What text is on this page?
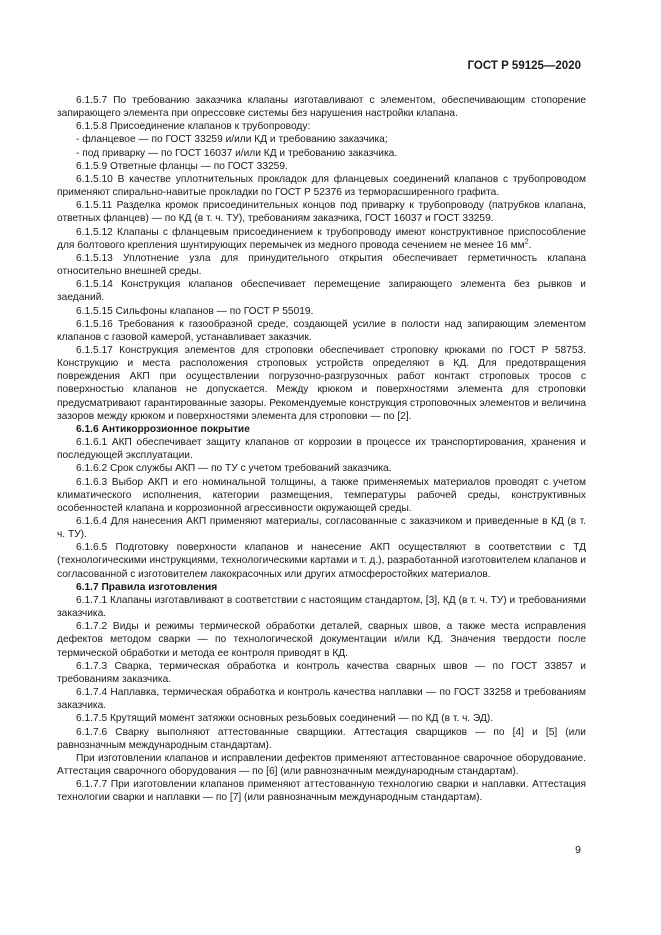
ГОСТ Р 59125—2020

6.1.5.7 По требованию заказчика клапаны изготавливают с элементом, обеспечивающим стопорение запирающего элемента при опрессовке системы без нарушения настройки клапана.

6.1.5.8 Присоединение клапанов к трубопроводу:

- фланцевое — по ГОСТ 33259 и/или КД и требованию заказчика;

- под приварку — по ГОСТ 16037 и/или КД и требованию заказчика.

6.1.5.9 Ответные фланцы — по ГОСТ 33259.

6.1.5.10 В качестве уплотнительных прокладок для фланцевых соединений клапанов с трубопроводом применяют спирально-навитые прокладки по ГОСТ Р 52376 из терморасширенного графита.

6.1.5.11 Разделка кромок присоединительных концов под приварку к трубопроводу (патрубков клапана, ответных фланцев) — по КД (в т. ч. ТУ), требованиям заказчика, ГОСТ 16037 и ГОСТ 33259.

6.1.5.12 Клапаны с фланцевым присоединением к трубопроводу имеют конструктивное приспособление для болтового крепления шунтирующих перемычек из медного провода сечением не менее 16 $мм^2$.

6.1.5.13 Уплотнение узла для принудительного открытия обеспечивает герметичность клапана относительно внешней среды.

6.1.5.14 Конструкция клапанов обеспечивает перемещение запирающего элемента без рывков и заеданий.

6.1.5.15 Сильфоны клапанов — по ГОСТ Р 55019.

6.1.5.16 Требования к газообразной среде, создающей усилие в полости над запирающим элементом клапанов с газовой камерой, устанавливает заказчик.

6.1.5.17 Конструкция элементов для строповки обеспечивает строповку крюками по ГОСТ Р 58753. Конструкцию и места расположения строповых устройств определяют в КД. Для предотвращения повреждения АКП при осуществлении погрузочно-разгрузочных работ контакт строповых тросов с поверхностью клапанов не допускается. Между крюком и поверхностями элемента для строповки предусматривают гарантированные зазоры. Рекомендуемые конструкция строповочных элементов и величина зазоров между крюком и поверхностями элемента для строповки — по [2].

6.1.6 Антикоррозионное покрытие

6.1.6.1 АКП обеспечивает защиту клапанов от коррозии в процессе их транспортирования, хранения и последующей эксплуатации.

6.1.6.2 Срок службы АКП — по ТУ с учетом требований заказчика.

6.1.6.3 Выбор АКП и его номинальной толщины, а также применяемых материалов проводят с учетом климатического исполнения, категории размещения, температуры рабочей среды, конструктивных особенностей клапана и коррозионной агрессивности окружающей среды.

6.1.6.4 Для нанесения АКП применяют материалы, согласованные с заказчиком и приведенные в КД (в т. ч. ТУ).

6.1.6.5 Подготовку поверхности клапанов и нанесение АКП осуществляют в соответствии с ТД (технологическими инструкциями, технологическими картами и т. д.), разработанной изготовителем клапанов и согласованной с изготовителем лакокрасочных или других атмосферостойких материалов.

6.1.7 Правила изготовления

6.1.7.1 Клапаны изготавливают в соответствии с настоящим стандартом, [3], КД (в т. ч. ТУ) и требованиями заказчика.

6.1.7.2 Виды и режимы термической обработки деталей, сварных швов, а также места исправления дефектов методом сварки — по технологической документации и/или КД. Значения твердости после термической обработки и метода ее контроля приводят в КД.

6.1.7.3 Сварка, термическая обработка и контроль качества сварных швов — по ГОСТ 33857 и требованиям заказчика.

6.1.7.4 Наплавка, термическая обработка и контроль качества наплавки — по ГОСТ 33258 и требованиям заказчика.

6.1.7.5 Крутящий момент затяжки основных резьбовых соединений — по КД (в т. ч. ЭД).

6.1.7.6 Сварку выполняют аттестованные сварщики. Аттестация сварщиков — по [4] и [5] (или равнозначным международным стандартам).

При изготовлении клапанов и исправлении дефектов применяют аттестованное сварочное оборудование. Аттестация сварочного оборудования — по [6] (или равнозначным международным стандартам).

6.1.7.7 При изготовлении клапанов применяют аттестованную технологию сварки и наплавки. Аттестация технологии сварки и наплавки — по [7] (или равнозначным международным стандартам).

9
